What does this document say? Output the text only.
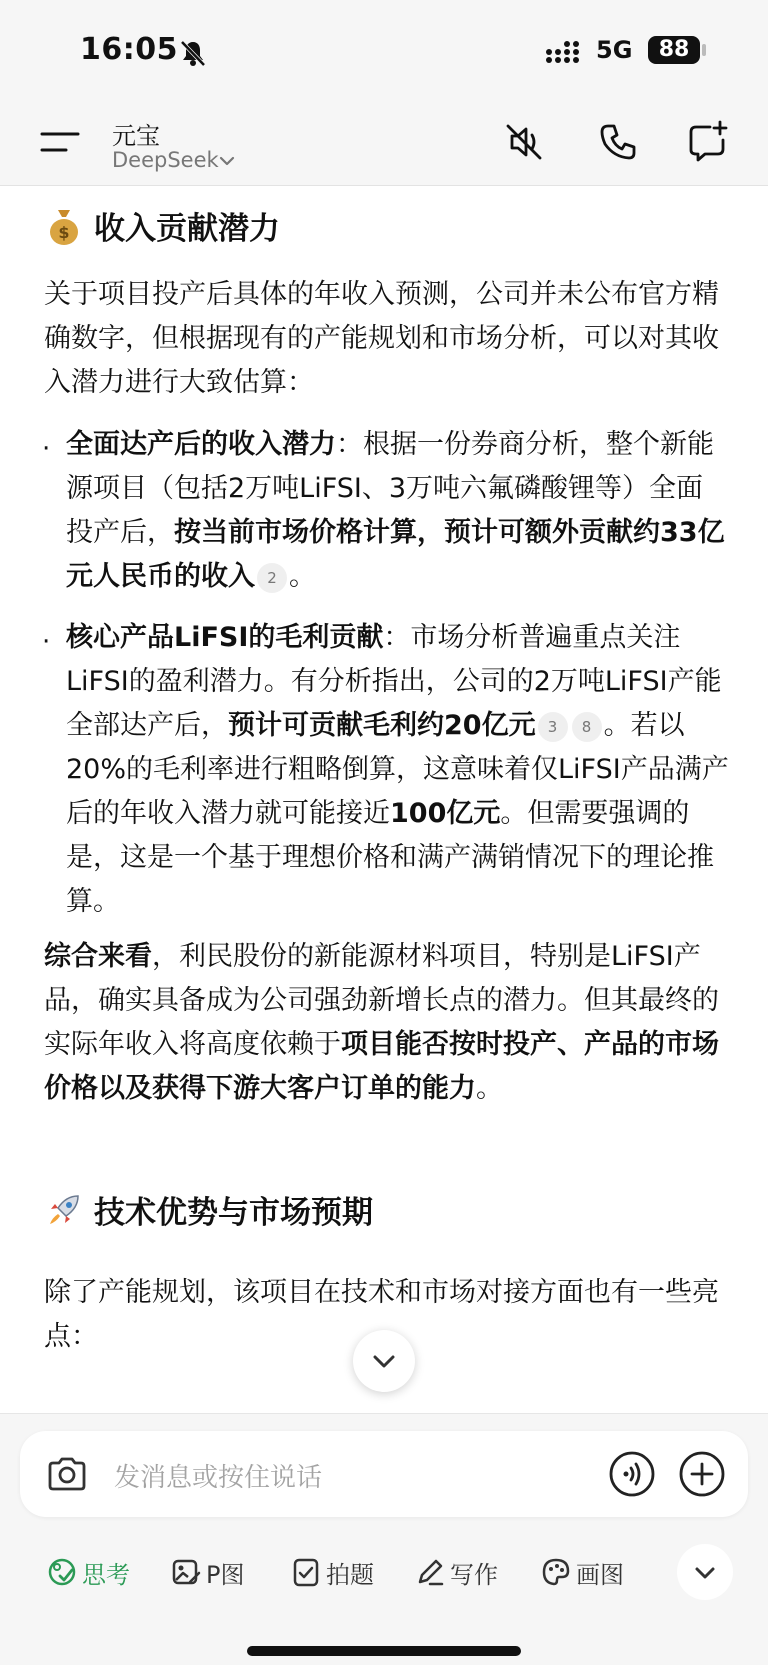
16:05	5G	88
元宝
DeepSeek
$ 收入贡献潜力
关于项目投产后具体的年收入预测，公司并未公布官方精确数字，但根据现有的产能规划和市场分析，可以对其收入潜力进行大致估算：
· 全面达产后的收入潜力：根据一份券商分析，整个新能源项目（包括2万吨LiFSI、3万吨六氟磷酸锂等）全面投产后，按当前市场价格计算，预计可额外贡献约33亿元人民币的收入 2 。
· 核心产品LiFSI的毛利贡献：市场分析普遍重点关注LiFSI的盈利潜力。有分析指出，公司的2万吨LiFSI产能全部达产后，预计可贡献毛利约20亿元 3 8 。若以20%的毛利率进行粗略倒算，这意味着仅LiFSI产品满产后的年收入潜力就可能接近100亿元。但需要强调的是，这是一个基于理想价格和满产满销情况下的理论推算。
综合来看，利民股份的新能源材料项目，特别是LiFSI产品，确实具备成为公司强劲新增长点的潜力。但其最终的实际年收入将高度依赖于项目能否按时投产、产品的市场价格以及获得下游大客户订单的能力。
技术优势与市场预期
除了产能规划，该项目在技术和市场对接方面也有一些亮点：
发消息或按住说话
思考	P图	拍题	写作	画图
